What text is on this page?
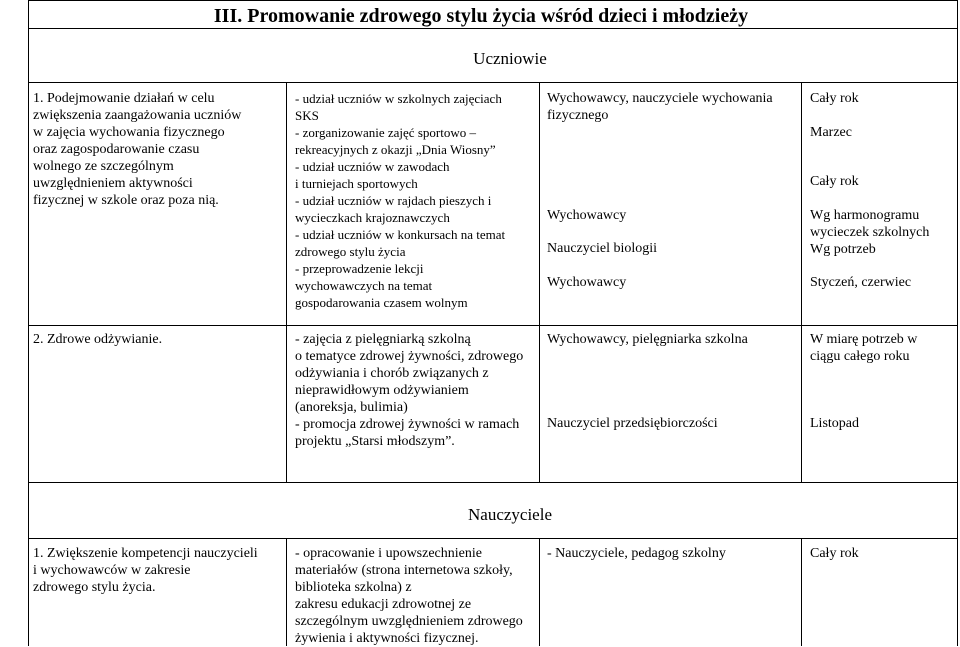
III. Promowanie zdrowego stylu życia wśród dzieci i młodzieży
Uczniowie
Nauczyciele
1. Podejmowanie działań w celu
zwiększenia zaangażowania uczniów
w zajęcia wychowania fizycznego
oraz zagospodarowanie czasu
wolnego ze szczególnym
uwzględnieniem aktywności
fizycznej w szkole oraz poza nią.
- udział uczniów w szkolnych zajęciach
SKS
- zorganizowanie zajęć sportowo –
rekreacyjnych z okazji „Dnia Wiosny”
- udział uczniów w zawodach
i turniejach sportowych
- udział uczniów w rajdach pieszych i
wycieczkach krajoznawczych
- udział uczniów w konkursach na temat
zdrowego stylu życia
- przeprowadzenie lekcji
wychowawczych na temat
gospodarowania czasem wolnym
Wychowawcy, nauczyciele wychowania
fizycznego
Wychowawcy
Nauczyciel biologii
Wychowawcy
Cały rok
Marzec
Cały rok
Wg harmonogramu
wycieczek szkolnych
Wg potrzeb
Styczeń, czerwiec
2. Zdrowe odżywianie.	- zajęcia z pielęgniarką szkolną
o tematyce zdrowej żywności, zdrowego
odżywiania i chorób związanych z
nieprawidłowym odżywianiem
(anoreksja, bulimia)
- promocja zdrowej żywności w ramach
projektu „Starsi młodszym”.
Wychowawcy, pielęgniarka szkolna
Nauczyciel przedsiębiorczości
W miarę potrzeb w
ciągu całego roku
Listopad
1. Zwiększenie kompetencji nauczycieli
i wychowawców w zakresie
zdrowego stylu życia.
- opracowanie i upowszechnienie
materiałów (strona internetowa szkoły,
biblioteka szkolna) z
zakresu edukacji zdrowotnej ze
szczególnym uwzględnieniem zdrowego
żywienia i aktywności fizycznej.
- Nauczyciele, pedagog szkolny	Cały rok
